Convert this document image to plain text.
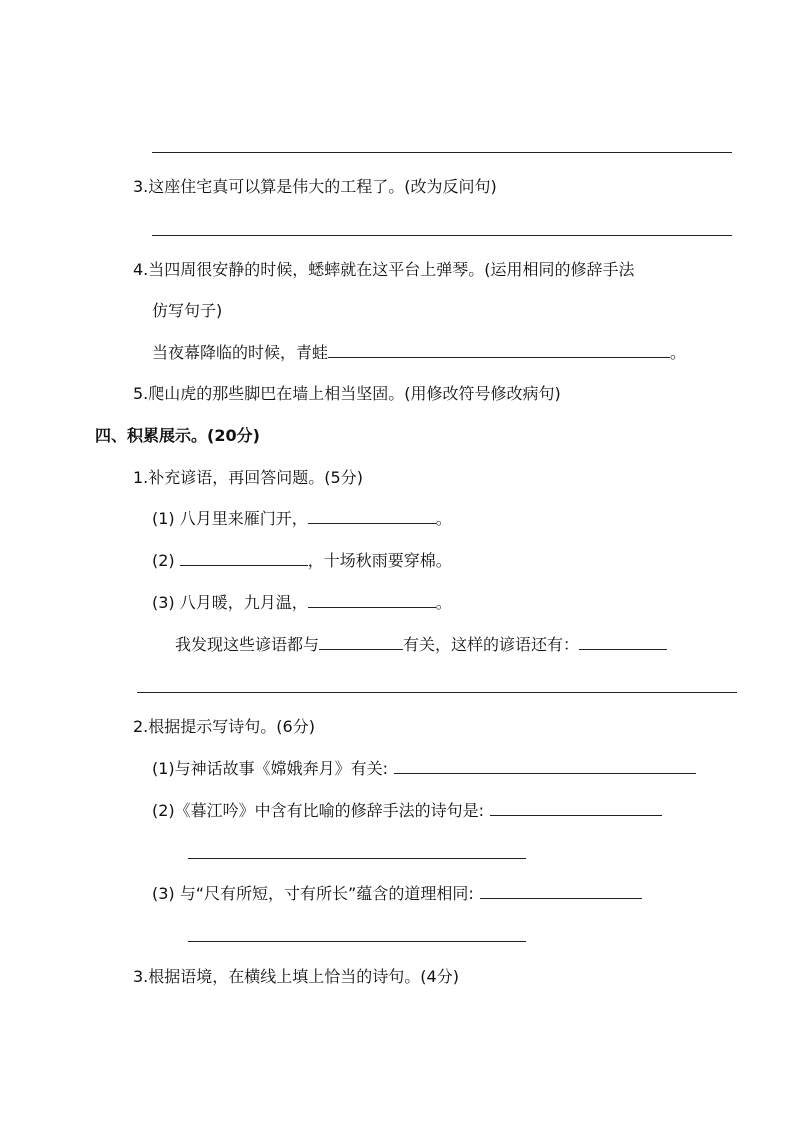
3.这座住宅真可以算是伟大的工程了。(改为反问句)
4.当四周很安静的时候，蟋蟀就在这平台上弹琴。(运用相同的修辞手法
仿写句子)
当夜幕降临的时候，青蛙	。
5.爬山虎的那些脚巴在墙上相当坚固。(用修改符号修改病句)
四、积累展示。(20分)
1.补充谚语，再回答问题。(5分)
(1) 八月里来雁门开，	。
(2)	，十场秋雨要穿棉。
(3) 八月暖，九月温，	。
我发现这些谚语都与	有关，这样的谚语还有：
2.根据提示写诗句。(6分)
(1)与神话故事《嫦娥奔月》有关:
(2)《暮江吟》中含有比喻的修辞手法的诗句是:
(3) 与“尺有所短，寸有所长”蕴含的道理相同:
3.根据语境，在横线上填上恰当的诗句。(4分)
